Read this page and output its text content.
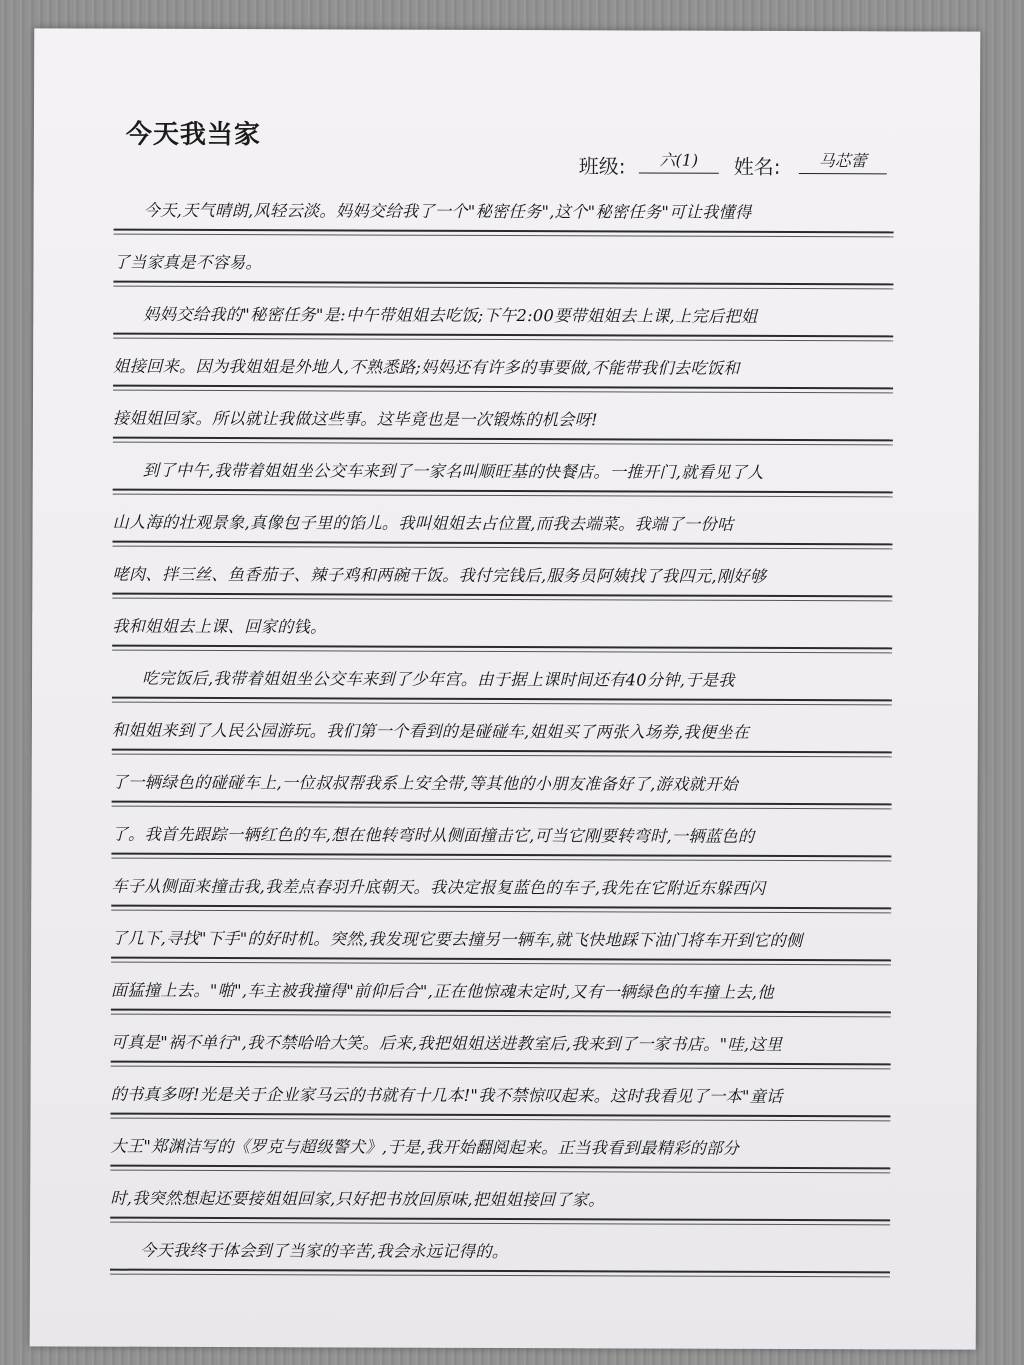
今天我当家
班级:	六(1)	姓名:	马芯蕾
今天,天气晴朗,风轻云淡。妈妈交给我了一个"秘密任务",这个"秘密任务"可让我懂得
了当家真是不容易。
妈妈交给我的"秘密任务"是:中午带姐姐去吃饭;下午2:00要带姐姐去上课,上完后把姐
姐接回来。因为我姐姐是外地人,不熟悉路;妈妈还有许多的事要做,不能带我们去吃饭和
接姐姐回家。所以就让我做这些事。这毕竟也是一次锻炼的机会呀!
到了中午,我带着姐姐坐公交车来到了一家名叫顺旺基的快餐店。一推开门,就看见了人
山人海的壮观景象,真像包子里的馅儿。我叫姐姐去占位置,而我去端菜。我端了一份咕
咾肉、拌三丝、鱼香茄子、辣子鸡和两碗干饭。我付完钱后,服务员阿姨找了我四元,刚好够
我和姐姐去上课、回家的钱。
吃完饭后,我带着姐姐坐公交车来到了少年宫。由于据上课时间还有40分钟,于是我
和姐姐来到了人民公园游玩。我们第一个看到的是碰碰车,姐姐买了两张入场券,我便坐在
了一辆绿色的碰碰车上,一位叔叔帮我系上安全带,等其他的小朋友准备好了,游戏就开始
了。我首先跟踪一辆红色的车,想在他转弯时从侧面撞击它,可当它刚要转弯时,一辆蓝色的
车子从侧面来撞击我,我差点春羽升底朝天。我决定报复蓝色的车子,我先在它附近东躲西闪
了几下,寻找"下手"的好时机。突然,我发现它要去撞另一辆车,就飞快地踩下油门将车开到它的侧
面猛撞上去。"啪",车主被我撞得"前仰后合",正在他惊魂未定时,又有一辆绿色的车撞上去,他
可真是"祸不单行",我不禁哈哈大笑。后来,我把姐姐送进教室后,我来到了一家书店。"哇,这里
的书真多呀!光是关于企业家马云的书就有十几本!"我不禁惊叹起来。这时我看见了一本"童话
大王"郑渊洁写的《罗克与超级警犬》,于是,我开始翻阅起来。正当我看到最精彩的部分
时,我突然想起还要接姐姐回家,只好把书放回原味,把姐姐接回了家。
今天我终于体会到了当家的辛苦,我会永远记得的。
